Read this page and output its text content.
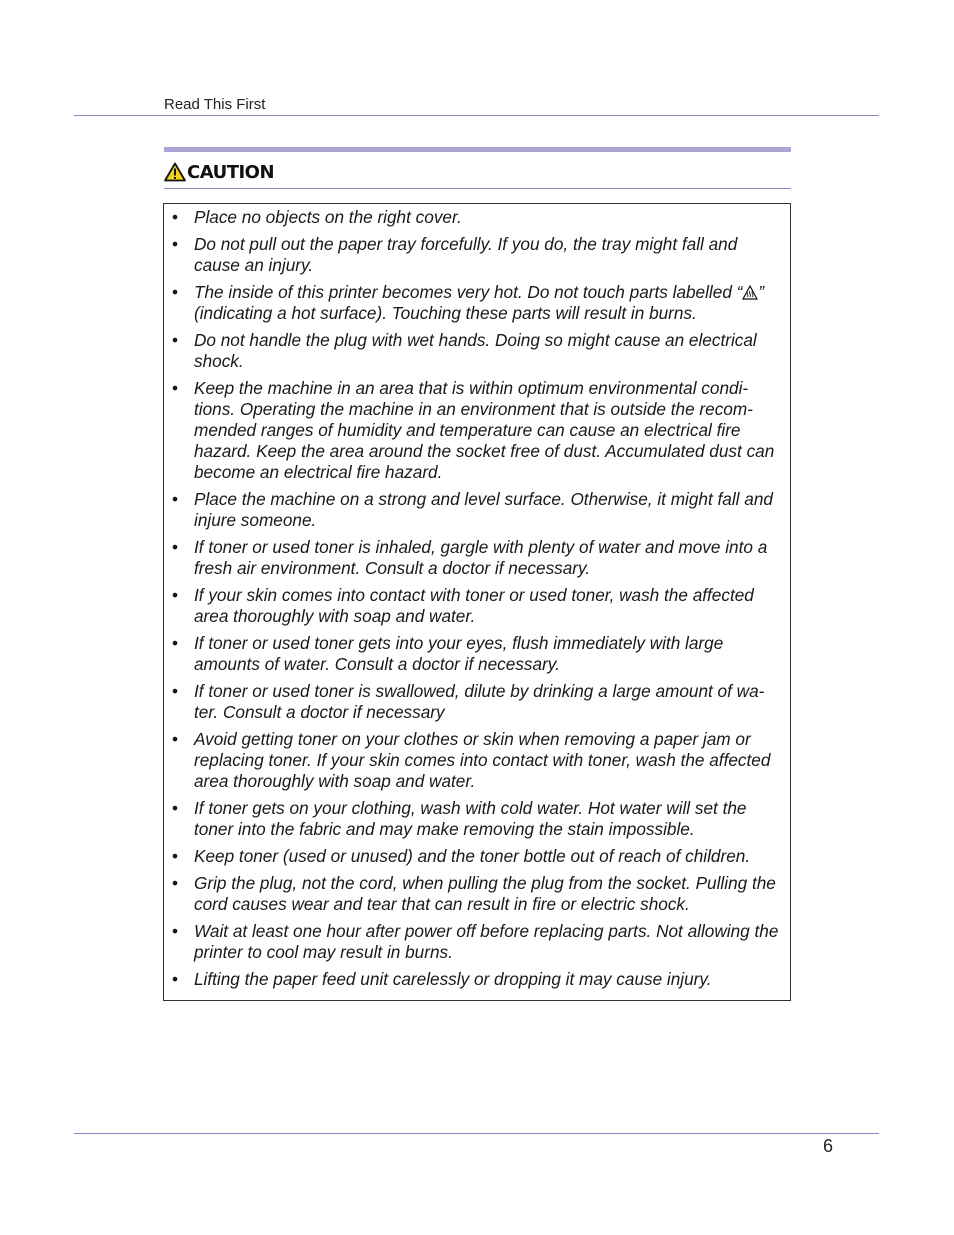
Read This First
CAUTION
• Place no objects on the right cover.
• Do not pull out the paper tray forcefully. If you do, the tray might fall and cause an injury.
• The inside of this printer becomes very hot. Do not touch parts labelled “ ” (indicating a hot surface). Touching these parts will result in burns.
• Do not handle the plug with wet hands. Doing so might cause an electrical shock.
• Keep the machine in an area that is within optimum environmental condi-tions. Operating the machine in an environment that is outside the recom-mended ranges of humidity and temperature can cause an electrical fire hazard. Keep the area around the socket free of dust. Accumulated dust can become an electrical fire hazard.
• Place the machine on a strong and level surface. Otherwise, it might fall and injure someone.
• If toner or used toner is inhaled, gargle with plenty of water and move into a fresh air environment. Consult a doctor if necessary.
• If your skin comes into contact with toner or used toner, wash the affected area thoroughly with soap and water.
• If toner or used toner gets into your eyes, flush immediately with large amounts of water. Consult a doctor if necessary.
• If toner or used toner is swallowed, dilute by drinking a large amount of wa-ter. Consult a doctor if necessary
• Avoid getting toner on your clothes or skin when removing a paper jam or replacing toner. If your skin comes into contact with toner, wash the affected area thoroughly with soap and water.
• If toner gets on your clothing, wash with cold water. Hot water will set the toner into the fabric and may make removing the stain impossible.
• Keep toner (used or unused) and the toner bottle out of reach of children.
• Grip the plug, not the cord, when pulling the plug from the socket. Pulling the cord causes wear and tear that can result in fire or electric shock.
• Wait at least one hour after power off before replacing parts. Not allowing the printer to cool may result in burns.
• Lifting the paper feed unit carelessly or dropping it may cause injury.
6
